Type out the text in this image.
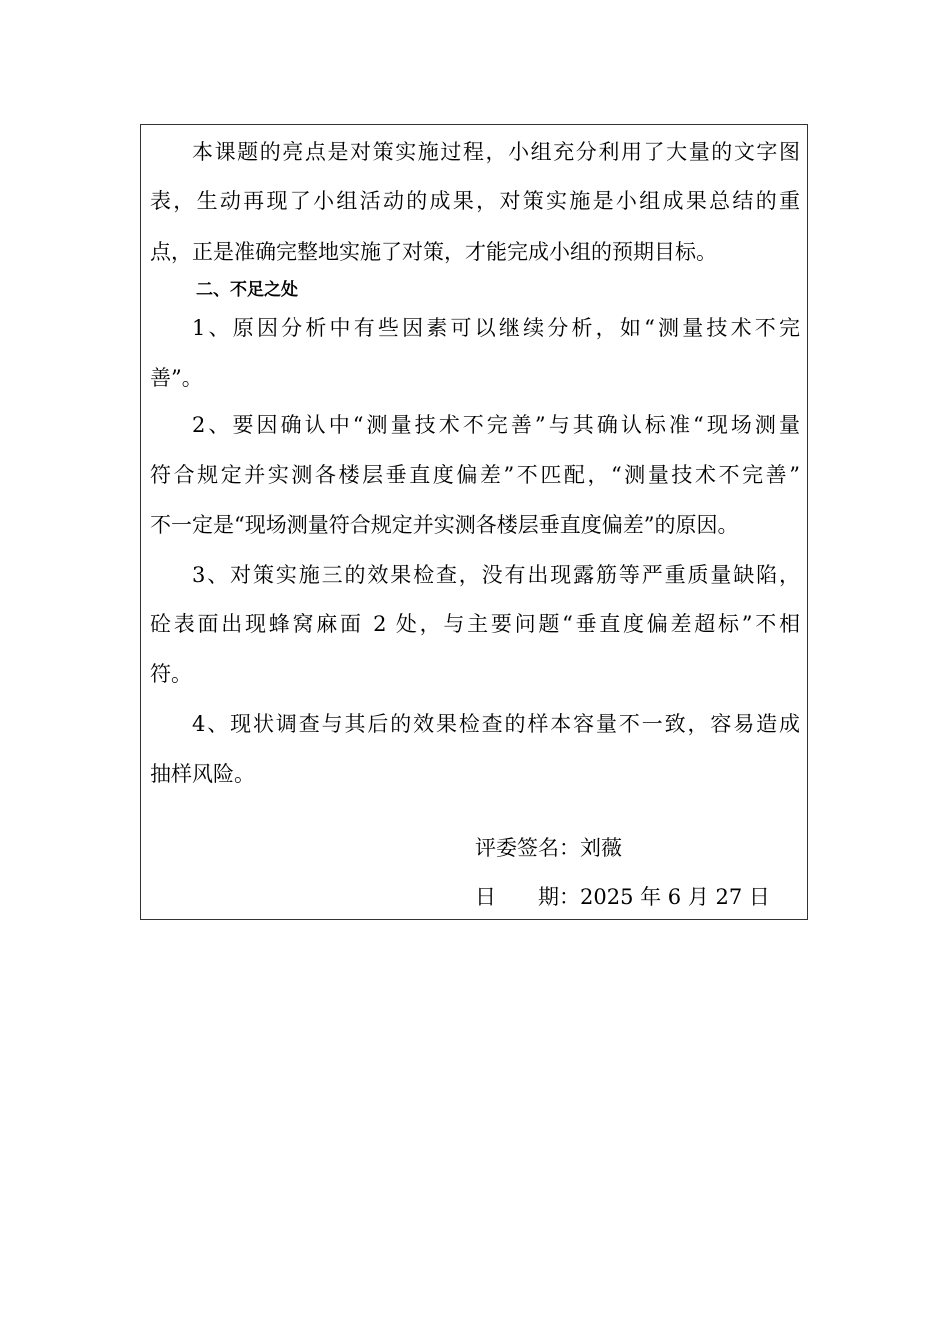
本课题的亮点是对策实施过程，小组充分利用了大量的文字图
表，生动再现了小组活动的成果，对策实施是小组成果总结的重
点，正是准确完整地实施了对策，才能完成小组的预期目标。
二、不足之处
1、原因分析中有些因素可以继续分析，如“测量技术不完
善”。
2、要因确认中“测量技术不完善”与其确认标准“现场测量
符合规定并实测各楼层垂直度偏差”不匹配，“测量技术不完善”
不一定是“现场测量符合规定并实测各楼层垂直度偏差”的原因。
3、对策实施三的效果检查，没有出现露筋等严重质量缺陷，
砼表面出现蜂窝麻面 2 处，与主要问题“垂直度偏差超标”不相
符。
4、现状调查与其后的效果检查的样本容量不一致，容易造成
抽样风险。
评委签名：刘薇
日　　期：2025 年 6 月 27 日
